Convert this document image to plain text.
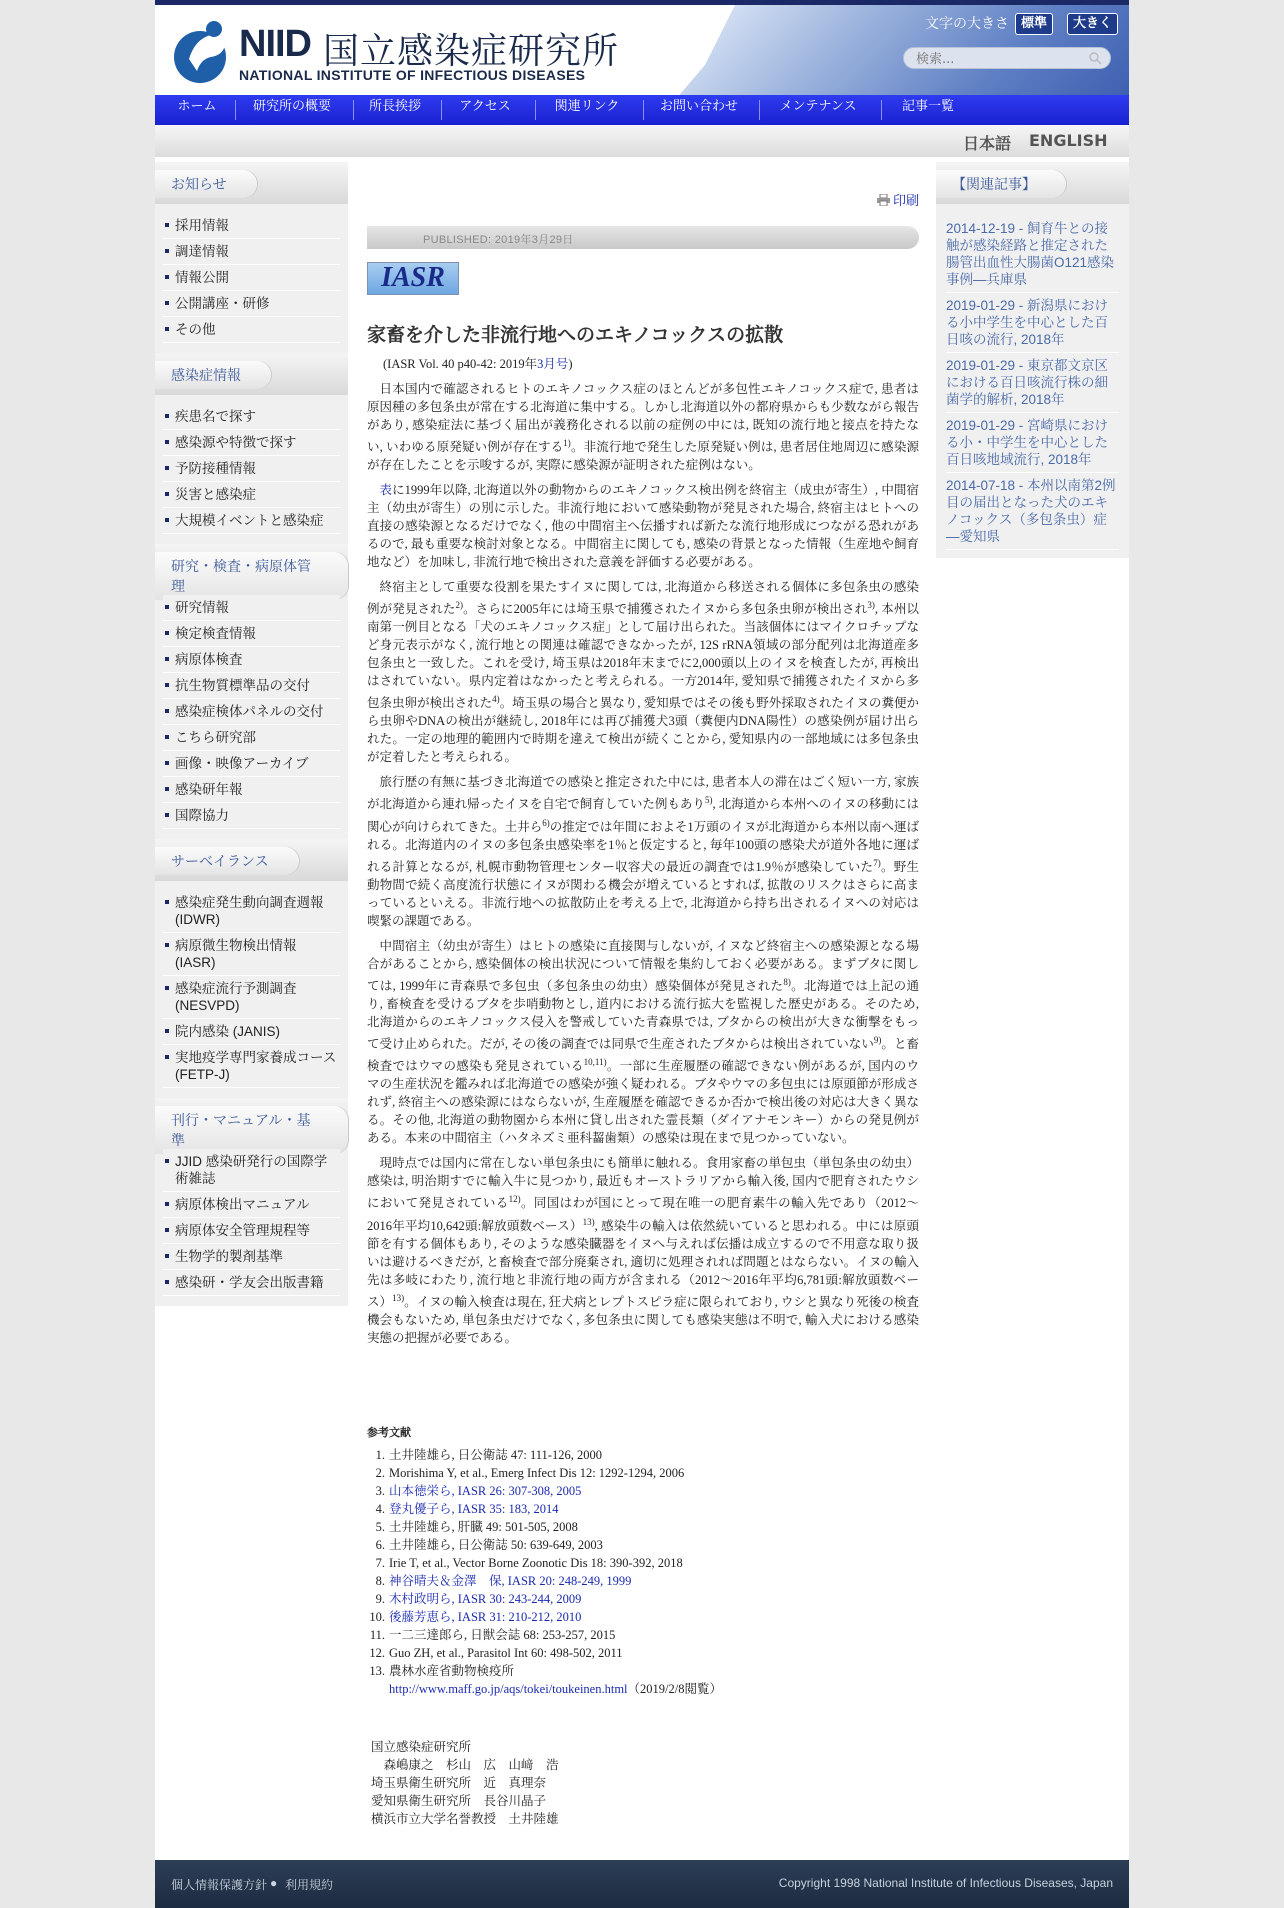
NIID 国立感染症研究所
NATIONAL INSTITUTE OF INFECTIOUS DISEASES
文字の大きさ 標準	大きく
検索...
ホーム	研究所の概要	所長挨拶	アクセス	関連リンク	お問い合わせ	メンテナンス	記事一覧
日本語 ENGLISH
お知らせ
採用情報
調達情報
情報公開
公開講座・研修
その他
感染症情報
疾患名で探す
感染源や特徴で探す
予防接種情報
災害と感染症
大規模イベントと感染症
研究・検査・病原体管理
研究情報
検定検査情報
病原体検査
抗生物質標準品の交付
感染症検体パネルの交付
こちら研究部
画像・映像アーカイブ
感染研年報
国際協力
サーベイランス
感染症発生動向調査週報 (IDWR)
病原微生物検出情報 (IASR)
感染症流行予測調査 (NESVPD)
院内感染 (JANIS)
実地疫学専門家養成コース (FETP-J)
刊行・マニュアル・基準
JJID 感染研発行の国際学術雑誌
病原体検出マニュアル
病原体安全管理規程等
生物学的製剤基準
感染研・学友会出版書籍
印刷
PUBLISHED: 2019年3月29日
IASR
家畜を介した非流行地へのエキノコックスの拡散
(IASR Vol. 40 p40-42: 2019年3月号)

日本国内で確認されるヒトのエキノコックス症のほとんどが多包性エキノコックス症で, 患者は原因種の多包条虫が常在する北海道に集中する。しかし北海道以外の都府県からも少数ながら報告があり, 感染症法に基づく届出が義務化される以前の症例の中には, 既知の流行地と接点を持たない, いわゆる原発疑い例が存在する$^{1)}$。非流行地で発生した原発疑い例は, 患者居住地周辺に感染源が存在したことを示唆するが, 実際に感染源が証明された症例はない。

表に1999年以降, 北海道以外の動物からのエキノコックス検出例を終宿主（成虫が寄生）, 中間宿主（幼虫が寄生）の別に示した。非流行地において感染動物が発見された場合, 終宿主はヒトへの直接の感染源となるだけでなく, 他の中間宿主へ伝播すれば新たな流行地形成につながる恐れがあるので, 最も重要な検討対象となる。中間宿主に関しても, 感染の背景となった情報（生産地や飼育地など）を加味し, 非流行地で検出された意義を評価する必要がある。

終宿主として重要な役割を果たすイヌに関しては, 北海道から移送される個体に多包条虫の感染例が発見された$^{2)}$。さらに2005年には埼玉県で捕獲されたイヌから多包条虫卵が検出され$^{3)}$, 本州以南第一例目となる「犬のエキノコックス症」として届け出られた。当該個体にはマイクロチップなど身元表示がなく, 流行地との関連は確認できなかったが, 12S rRNA領域の部分配列は北海道産多包条虫と一致した。これを受け, 埼玉県は2018年末までに2,000頭以上のイヌを検査したが, 再検出はされていない。県内定着はなかったと考えられる。一方2014年, 愛知県で捕獲されたイヌから多包条虫卵が検出された$^{4)}$。埼玉県の場合と異なり, 愛知県ではその後も野外採取されたイヌの糞便から虫卵やDNAの検出が継続し, 2018年には再び捕獲犬3頭（糞便内DNA陽性）の感染例が届け出られた。一定の地理的範囲内で時期を違えて検出が続くことから, 愛知県内の一部地域には多包条虫が定着したと考えられる。

旅行歴の有無に基づき北海道での感染と推定された中には, 患者本人の滞在はごく短い一方, 家族が北海道から連れ帰ったイヌを自宅で飼育していた例もあり$^{5)}$, 北海道から本州へのイヌの移動には関心が向けられてきた。土井ら$^{6)}$の推定では年間におよそ1万頭のイヌが北海道から本州以南へ運ばれる。北海道内のイヌの多包条虫感染率を1％と仮定すると, 毎年100頭の感染犬が道外各地に運ばれる計算となるが, 札幌市動物管理センター収容犬の最近の調査では1.9％が感染していた$^{7)}$。野生動物間で続く高度流行状態にイヌが関わる機会が増えているとすれば, 拡散のリスクはさらに高まっているといえる。非流行地への拡散防止を考える上で, 北海道から持ち出されるイヌへの対応は喫緊の課題である。

中間宿主（幼虫が寄生）はヒトの感染に直接関与しないが, イヌなど終宿主への感染源となる場合があることから, 感染個体の検出状況について情報を集約しておく必要がある。まずブタに関しては, 1999年に青森県で多包虫（多包条虫の幼虫）感染個体が発見された$^{8)}$。北海道では上記の通り, 畜検査を受けるブタを歩哨動物とし, 道内における流行拡大を監視した歴史がある。そのため, 北海道からのエキノコックス侵入を警戒していた青森県では, ブタからの検出が大きな衝撃をもって受け止められた。だが, その後の調査では同県で生産されたブタからは検出されていない$^{9)}$。と畜検査ではウマの感染も発見されている$^{10,11)}$。一部に生産履歴の確認できない例があるが, 国内のウマの生産状況を鑑みれば北海道での感染が強く疑われる。ブタやウマの多包虫には原頭節が形成されず, 終宿主への感染源にはならないが, 生産履歴を確認できるか否かで検出後の対応は大きく異なる。その他, 北海道の動物園から本州に貸し出された霊長類（ダイアナモンキー）からの発見例がある。本来の中間宿主（ハタネズミ亜科齧歯類）の感染は現在まで見つかっていない。

現時点では国内に常在しない単包条虫にも簡単に触れる。食用家畜の単包虫（単包条虫の幼虫）感染は, 明治期すでに輸入牛に見つかり, 最近もオーストラリアから輸入後, 国内で肥育されたウシにおいて発見されている$^{12)}$。同国はわが国にとって現在唯一の肥育素牛の輸入先であり（2012～2016年平均10,642頭:解放頭数ベース）$^{13)}$, 感染牛の輸入は依然続いていると思われる。中には原頭節を有する個体もあり, そのような感染臓器をイヌへ与えれば伝播は成立するので不用意な取り扱いは避けるべきだが, と畜検査で部分廃棄され, 適切に処理されれば問題とはならない。イヌの輸入先は多岐にわたり, 流行地と非流行地の両方が含まれる（2012～2016年平均6,781頭:解放頭数ベース）$^{13)}$。イヌの輸入検査は現在, 狂犬病とレプトスピラ症に限られており, ウシと異なり死後の検査機会もないため, 単包条虫だけでなく, 多包条虫に関しても感染実態は不明で, 輸入犬における感染実態の把握が必要である。

参考文献
1. 土井陸雄ら, 日公衛誌 47: 111-126, 2000
2. Morishima Y, et al., Emerg Infect Dis 12: 1292-1294, 2006
3. 山本徳栄ら, IASR 26: 307-308, 2005
4. 登丸優子ら, IASR 35: 183, 2014
5. 土井陸雄ら, 肝臓 49: 501-505, 2008
6. 土井陸雄ら, 日公衛誌 50: 639-649, 2003
7. Irie T, et al., Vector Borne Zoonotic Dis 18: 390-392, 2018
8. 神谷晴夫＆金澤　保, IASR 20: 248-249, 1999
9. 木村政明ら, IASR 30: 243-244, 2009
10. 後藤芳恵ら, IASR 31: 210-212, 2010
11. 一二三達郎ら, 日獣会誌 68: 253-257, 2015
12. Guo ZH, et al., Parasitol Int 60: 498-502, 2011
13. 農林水産省動物検疫所
http://www.maff.go.jp/aqs/tokei/toukeinen.html（2019/2/8閲覧）
国立感染症研究所
　森嶋康之　杉山　広　山﨑　浩
埼玉県衛生研究所　近　真理奈
愛知県衛生研究所　長谷川晶子
横浜市立大学名誉教授　土井陸雄
【関連記事】
2014-12-19 - 飼育牛との接触が感染経路と推定された腸管出血性大腸菌O121感染事例―兵庫県
2019-01-29 - 新潟県における小中学生を中心とした百日咳の流行, 2018年
2019-01-29 - 東京都文京区における百日咳流行株の細菌学的解析, 2018年
2019-01-29 - 宮崎県における小・中学生を中心とした百日咳地域流行, 2018年
2014-07-18 - 本州以南第2例目の届出となった犬のエキノコックス（多包条虫）症―愛知県
個人情報保護方針 ● 利用規約	Copyright 1998 National Institute of Infectious Diseases, Japan
